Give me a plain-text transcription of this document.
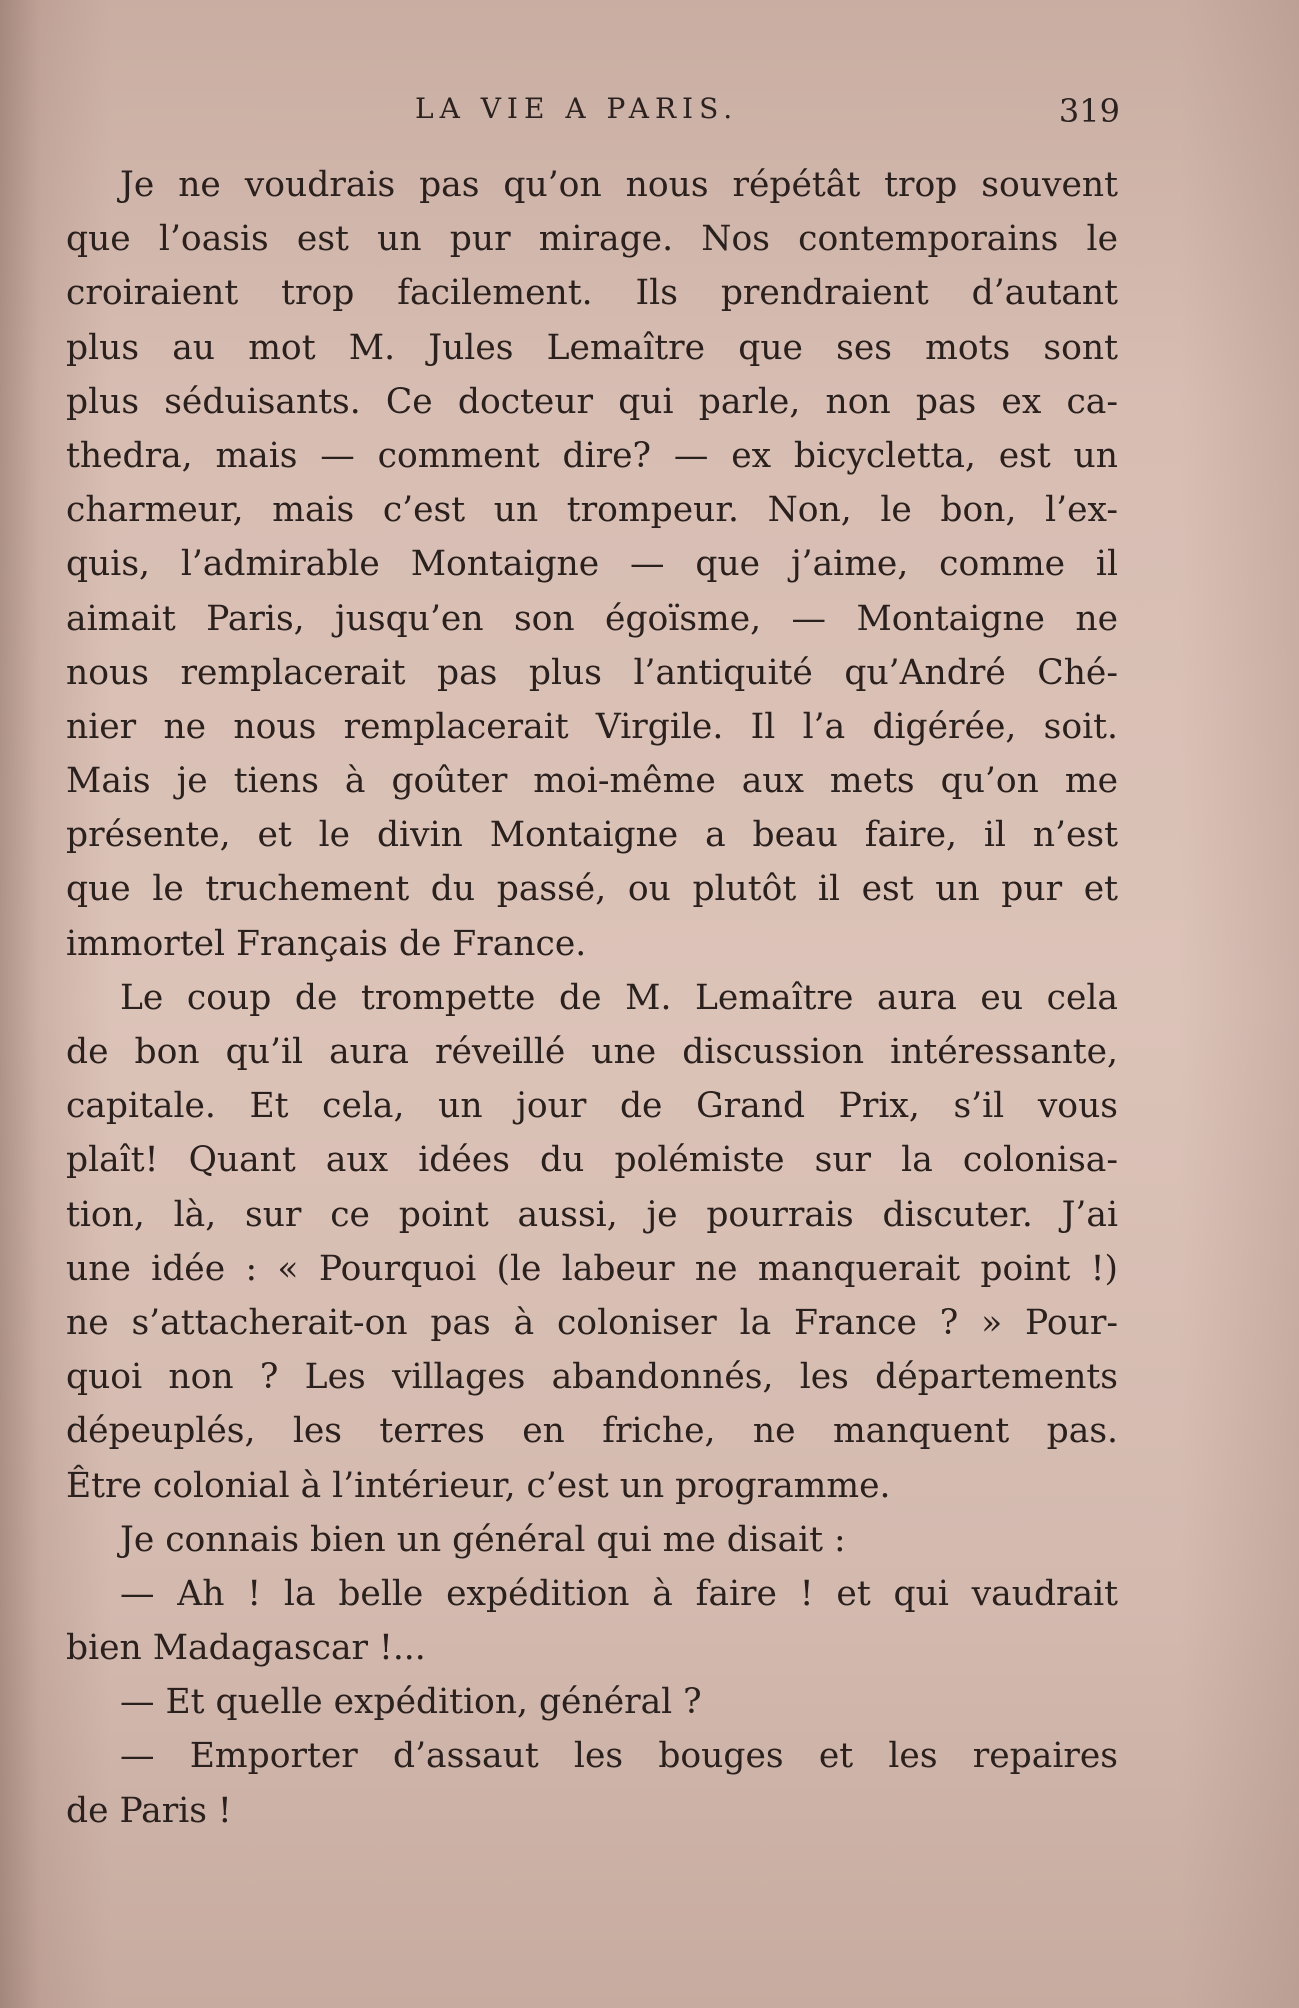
LA VIE A PARIS.	319
Je ne voudrais pas qu’on nous répétât trop souvent
que l’oasis est un pur mirage. Nos contemporains le
croiraient trop facilement. Ils prendraient d’autant
plus au mot M. Jules Lemaître que ses mots sont
plus séduisants. Ce docteur qui parle, non pas ex ca-
thedra, mais — comment dire? — ex bicycletta, est un
charmeur, mais c’est un trompeur. Non, le bon, l’ex-
quis, l’admirable Montaigne — que j’aime, comme il
aimait Paris, jusqu’en son égoïsme, — Montaigne ne
nous remplacerait pas plus l’antiquité qu’André Ché-
nier ne nous remplacerait Virgile. Il l’a digérée, soit.
Mais je tiens à goûter moi-même aux mets qu’on me
présente, et le divin Montaigne a beau faire, il n’est
que le truchement du passé, ou plutôt il est un pur et
immortel Français de France.
Le coup de trompette de M. Lemaître aura eu cela
de bon qu’il aura réveillé une discussion intéressante,
capitale. Et cela, un jour de Grand Prix, s’il vous
plaît! Quant aux idées du polémiste sur la colonisa-
tion, là, sur ce point aussi, je pourrais discuter. J’ai
une idée : « Pourquoi (le labeur ne manquerait point !)
ne s’attacherait-on pas à coloniser la France ? » Pour-
quoi non ? Les villages abandonnés, les départements
dépeuplés, les terres en friche, ne manquent pas.
Être colonial à l’intérieur, c’est un programme.
Je connais bien un général qui me disait :
— Ah ! la belle expédition à faire ! et qui vaudrait
bien Madagascar !...
— Et quelle expédition, général ?
— Emporter d’assaut les bouges et les repaires
de Paris !
